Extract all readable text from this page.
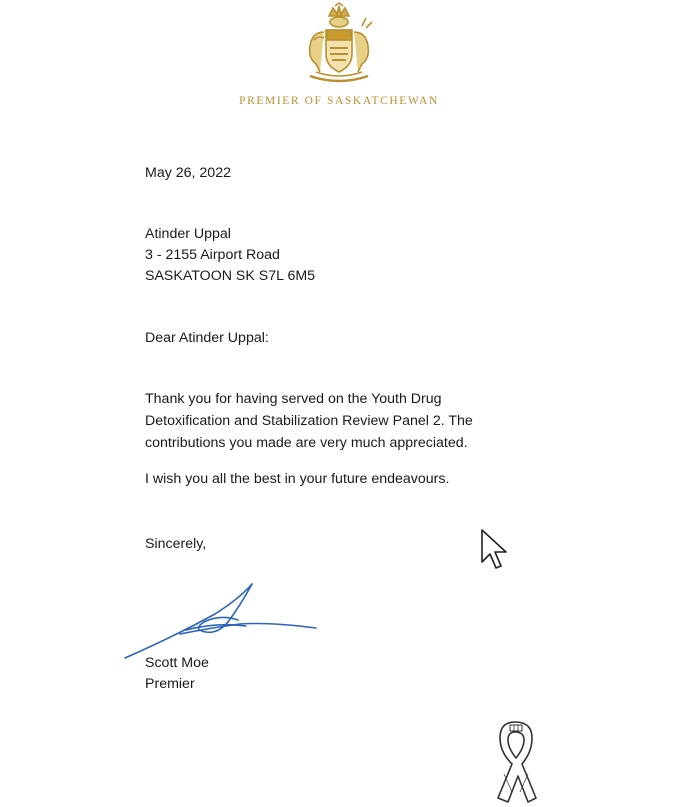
PREMIER OF SASKATCHEWAN
May 26, 2022
Atinder Uppal
3 - 2155 Airport Road
SASKATOON SK S7L 6M5
Dear Atinder Uppal:
Thank you for having served on the Youth Drug
Detoxification and Stabilization Review Panel 2. The
contributions you made are very much appreciated.
I wish you all the best in your future endeavours.
Sincerely,
Scott Moe
Premier
